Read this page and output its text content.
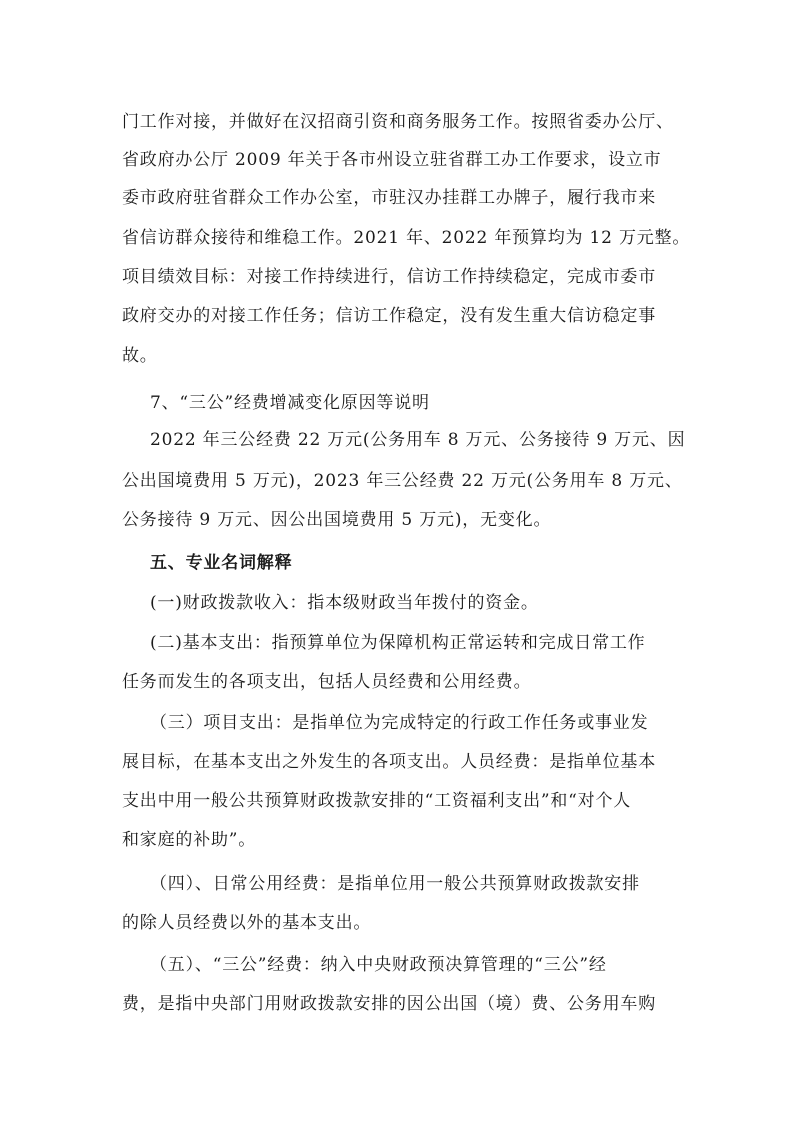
门工作对接，并做好在汉招商引资和商务服务工作。按照省委办公厅、
省政府办公厅 2009 年关于各市州设立驻省群工办工作要求，设立市
委市政府驻省群众工作办公室，市驻汉办挂群工办牌子，履行我市来
省信访群众接待和维稳工作。2021 年、2022 年预算均为 12 万元整。
项目绩效目标：对接工作持续进行，信访工作持续稳定，完成市委市
政府交办的对接工作任务；信访工作稳定，没有发生重大信访稳定事
故。
7、“三公”经费增减变化原因等说明
2022 年三公经费 22 万元(公务用车 8 万元、公务接待 9 万元、因
公出国境费用 5 万元)，2023 年三公经费 22 万元(公务用车 8 万元、
公务接待 9 万元、因公出国境费用 5 万元)，无变化。
五、专业名词解释
(一)财政拨款收入：指本级财政当年拨付的资金。
(二)基本支出：指预算单位为保障机构正常运转和完成日常工作
任务而发生的各项支出，包括人员经费和公用经费。
（三）项目支出：是指单位为完成特定的行政工作任务或事业发
展目标，在基本支出之外发生的各项支出。人员经费：是指单位基本
支出中用一般公共预算财政拨款安排的“工资福利支出”和“对个人
和家庭的补助”。
（四）、日常公用经费：是指单位用一般公共预算财政拨款安排
的除人员经费以外的基本支出。
（五）、“三公”经费：纳入中央财政预决算管理的“三公”经
费，是指中央部门用财政拨款安排的因公出国（境）费、公务用车购
